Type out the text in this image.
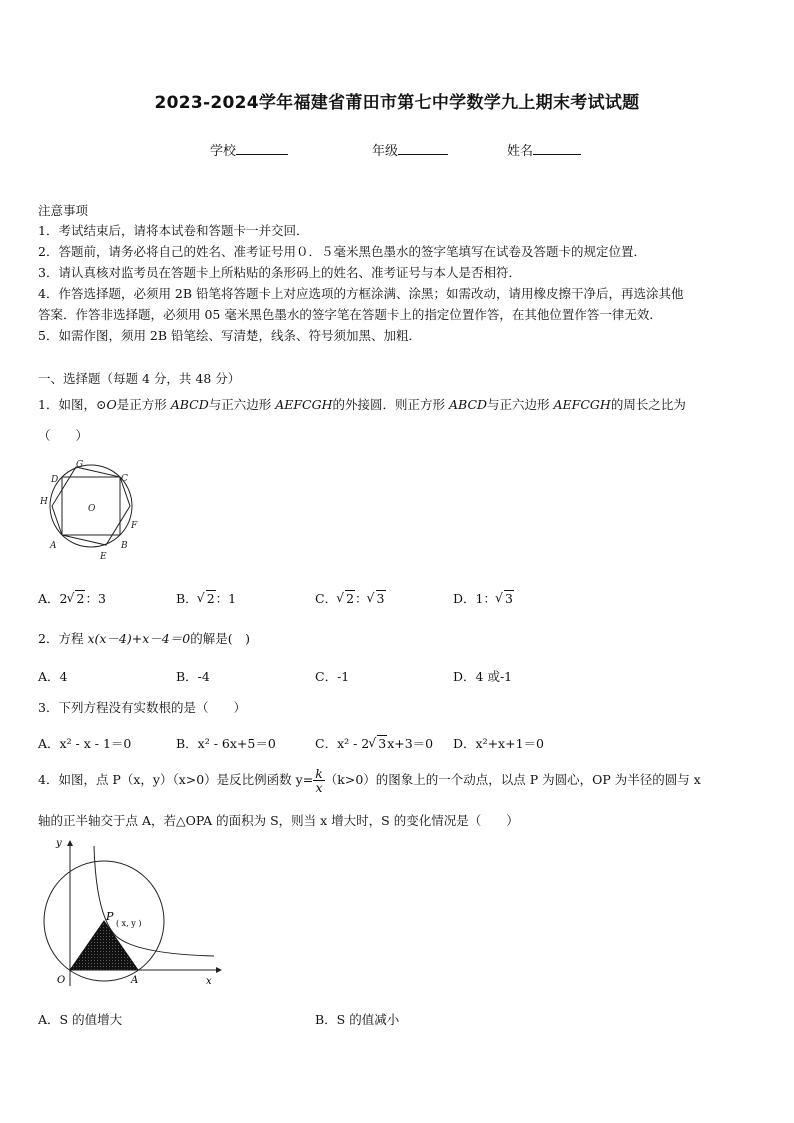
2023-2024学年福建省莆田市第七中学数学九上期末考试试题
学校	年级	姓名
注意事项
1．考试结束后，请将本试卷和答题卡一并交回．
2．答题前，请务必将自己的姓名、准考证号用０．５毫米黑色墨水的签字笔填写在试卷及答题卡的规定位置．
3．请认真核对监考员在答题卡上所粘贴的条形码上的姓名、准考证号与本人是否相符．
4．作答选择题，必须用 2B 铅笔将答题卡上对应选项的方框涂满、涂黑；如需改动，请用橡皮擦干净后，再选涂其他
答案．作答非选择题，必须用 05 毫米黑色墨水的签字笔在答题卡上的指定位置作答，在其他位置作答一律无效．
5．如需作图，须用 2B 铅笔绘、写清楚，线条、符号须加黑、加粗．
一、选择题（每题 4 分，共 48 分）
1．如图，⊙O是正方形 ABCD与正六边形 AEFCGH的外接圆．则正方形 ABCD与正六边形 AEFCGH的周长之比为
（　　）
D
G
C
H
O
F
A	B
E
A．2 √ 2：3	B． √ 2：1	C． √ 2： √ 3	D．1： √ 3
2．方程 x(x－4)+x－4＝0的解是(　)
A．4	B．-4	C．-1	D．4 或-1
3．下列方程没有实数根的是（　　）
A．x² - x - 1＝0	B．x² - 6x+5＝0	C．x² - 2 √ 3x+3＝0 D．x²+x+1＝0
4．如图，点 P（x，y）（x>0）是反比例函数 $y= \frac{k}{x} (k>0)$的图象上的一个动点，以点 P 为圆心，OP 为半径的圆与 x
轴的正半轴交于点 A，若△OPA 的面积为 S，则当 x 增大时，S 的变化情况是（　　）
y
x
O	A
P
( x, y )
A．S 的值增大	B．S 的值减小
